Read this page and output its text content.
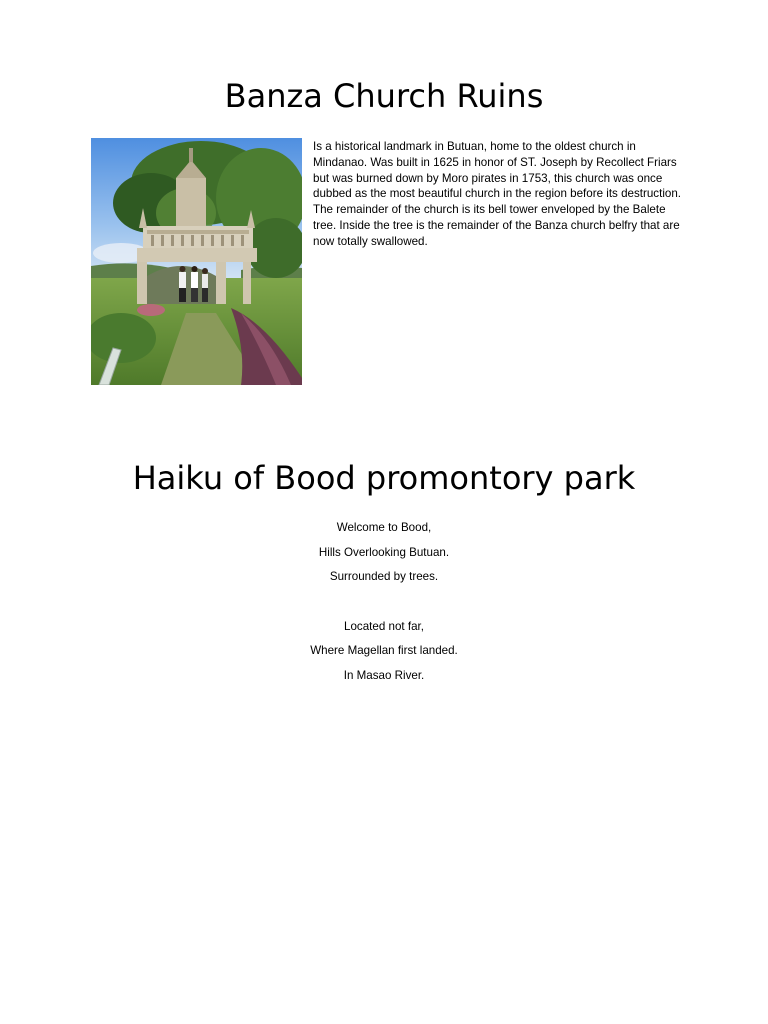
Banza Church Ruins

Is a historical landmark in Butuan, home to the oldest church in Mindanao. Was built in 1625 in honor of ST. Joseph by Recollect Friars but was burned down by Moro pirates in 1753, this church was once dubbed as the most beautiful church in the region before its destruction. The remainder of the church is its bell tower enveloped by the Balete tree. Inside the tree is the remainder of the Banza church belfry that are now totally swallowed.

Haiku of Bood promontory park
Welcome to Bood,
Hills Overlooking Butuan.
Surrounded by trees.
Located not far,
Where Magellan first landed.
In Masao River.
